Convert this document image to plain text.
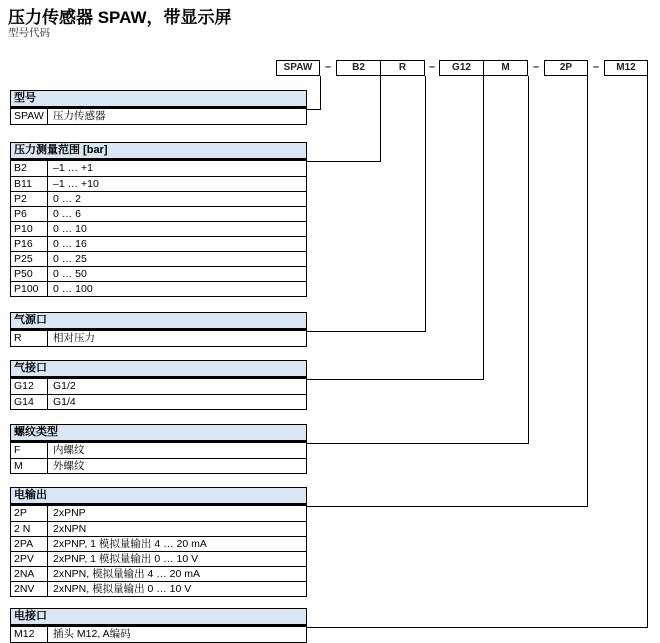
压力传感器 SPAW，带显示屏
型号代码
SPAW	–	B2	R	–	G12	M	–	2P	–	M12
型号
SPAW 压力传感器
压力测量范围 [bar]
B2	–1 … +1
B11	–1 … +10
P2	0 … 2
P6	0 … 6
P10	0 … 10
P16	0 … 16
P25	0 … 25
P50	0 … 50
P100	0 … 100
气源口
R	相对压力
气接口
G12	G1/2
G14	G1/4
螺纹类型
F	内螺纹
M	外螺纹
电输出
2P	2xPNP
2 N	2xNPN
2PA	2xPNP, 1 模拟量输出 4 … 20 mA
2PV	2xPNP, 1 模拟量输出 0 … 10 V
2NA	2xNPN, 模拟量输出 4 … 20 mA
2NV	2xNPN, 模拟量输出 0 … 10 V
电接口
M12	插头 M12, A编码
